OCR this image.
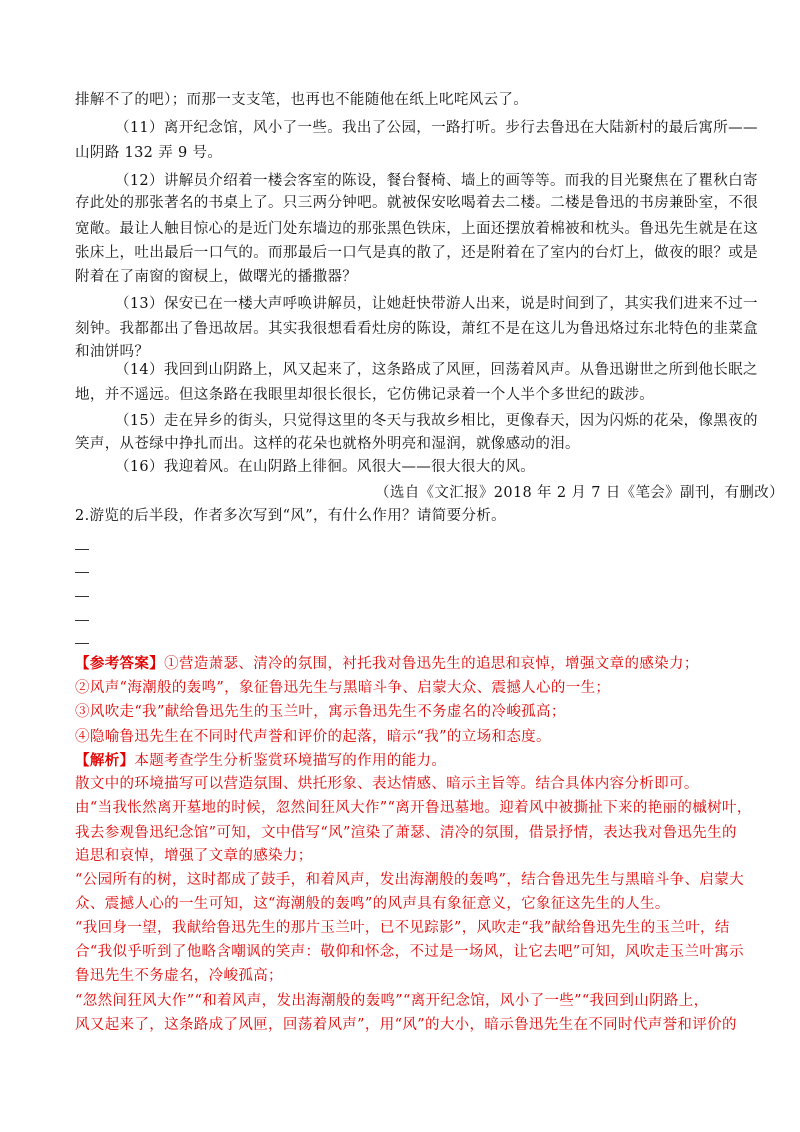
排解不了的吧）；而那一支支笔，也再也不能随他在纸上叱咤风云了。
（11）离开纪念馆，风小了一些。我出了公园，一路打听。步行去鲁迅在大陆新村的最后寓所——
山阴路 132 弄 9 号。
（12）讲解员介绍着一楼会客室的陈设，餐台餐椅、墙上的画等等。而我的目光聚焦在了瞿秋白寄
存此处的那张著名的书桌上了。只三两分钟吧。就被保安吆喝着去二楼。二楼是鲁迅的书房兼卧室，不很
宽敞。最让人触目惊心的是近门处东墙边的那张黑色铁床，上面还摆放着棉被和枕头。鲁迅先生就是在这
张床上，吐出最后一口气的。而那最后一口气是真的散了，还是附着在了室内的台灯上，做夜的眼？或是
附着在了南窗的窗棂上，做曙光的播撒器？
（13）保安已在一楼大声呼唤讲解员，让她赶快带游人出来，说是时间到了，其实我们进来不过一
刻钟。我都都出了鲁迅故居。其实我很想看看灶房的陈设，萧红不是在这儿为鲁迅烙过东北特色的韭菜盒
和油饼吗？
（14）我回到山阴路上，风又起来了，这条路成了风匣，回荡着风声。从鲁迅谢世之所到他长眠之
地，并不遥远。但这条路在我眼里却很长很长，它仿佛记录着一个人半个多世纪的跋涉。
（15）走在异乡的街头，只觉得这里的冬天与我故乡相比，更像春天，因为闪烁的花朵，像黑夜的
笑声，从苍绿中挣扎而出。这样的花朵也就格外明亮和湿润，就像感动的泪。
（16）我迎着风。在山阴路上徘徊。风很大——很大很大的风。
（选自《文汇报》2018 年 2 月 7 日《笔会》副刊，有删改）
2.游览的后半段，作者多次写到“风”，有什么作用？请简要分析。
【参考答案】①营造萧瑟、清冷的氛围，衬托我对鲁迅先生的追思和哀悼，增强文章的感染力；
②风声“海潮般的轰鸣”，象征鲁迅先生与黑暗斗争、启蒙大众、震撼人心的一生；
③风吹走“我”献给鲁迅先生的玉兰叶，寓示鲁迅先生不务虚名的冷峻孤高；
④隐喻鲁迅先生在不同时代声誉和评价的起落，暗示“我”的立场和态度。
【解析】本题考查学生分析鉴赏环境描写的作用的能力。
散文中的环境描写可以营造氛围、烘托形象、表达情感、暗示主旨等。结合具体内容分析即可。
由“当我怅然离开墓地的时候，忽然间狂风大作”“离开鲁迅墓地。迎着风中被撕扯下来的艳丽的槭树叶，
我去参观鲁迅纪念馆”可知，文中借写“风”渲染了萧瑟、清冷的氛围，借景抒情，表达我对鲁迅先生的
追思和哀悼，增强了文章的感染力；
“公园所有的树，这时都成了鼓手，和着风声，发出海潮般的轰鸣”，结合鲁迅先生与黑暗斗争、启蒙大
众、震撼人心的一生可知，这“海潮般的轰鸣”的风声具有象征意义，它象征这先生的人生。
“我回身一望，我献给鲁迅先生的那片玉兰叶，已不见踪影”，风吹走“我”献给鲁迅先生的玉兰叶，结
合“我似乎听到了他略含嘲讽的笑声：敬仰和怀念，不过是一场风，让它去吧”可知，风吹走玉兰叶寓示
鲁迅先生不务虚名，冷峻孤高；
“忽然间狂风大作”“和着风声，发出海潮般的轰鸣”“离开纪念馆，风小了一些”“我回到山阴路上，
风又起来了，这条路成了风匣，回荡着风声”，用“风”的大小，暗示鲁迅先生在不同时代声誉和评价的
